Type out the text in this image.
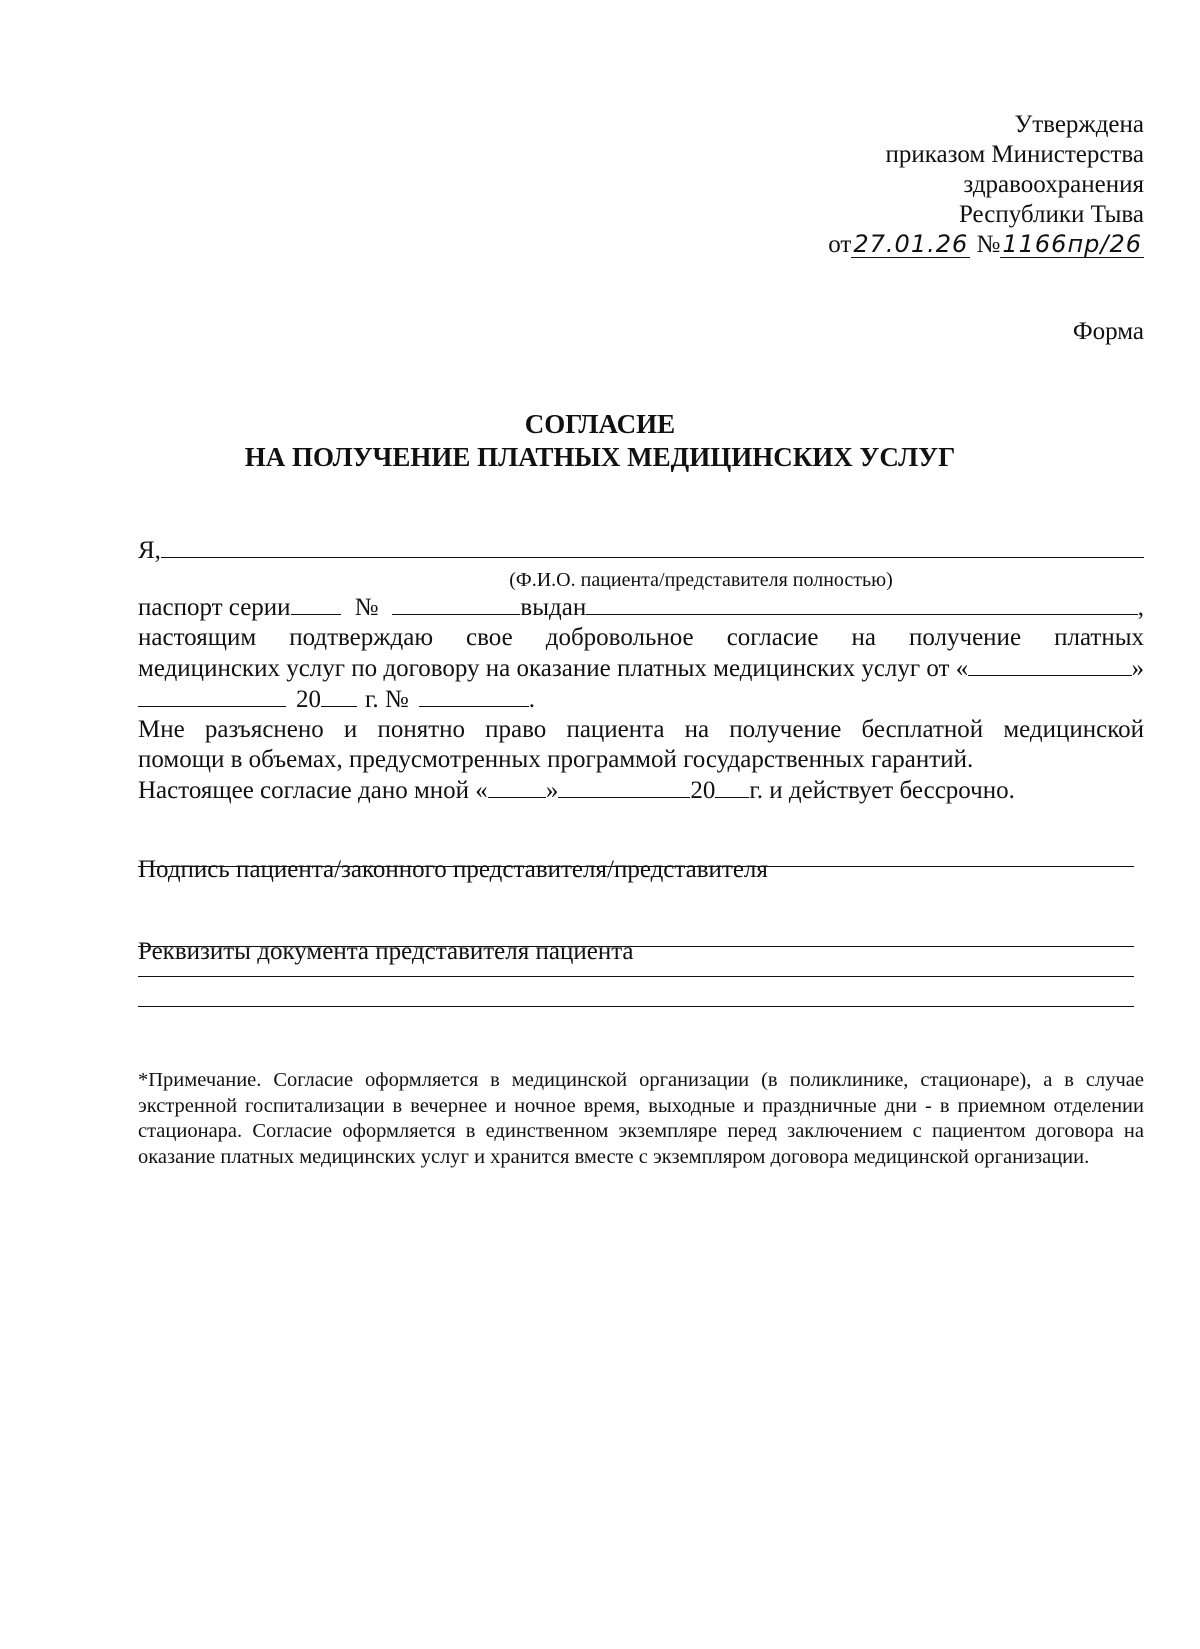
Утверждена
приказом Министерства
здравоохранения
Республики Тыва
от27.01.26 №1166пр/26
Форма
СОГЛАСИЕ
НА ПОЛУЧЕНИЕ ПЛАТНЫХ МЕДИЦИНСКИХ УСЛУГ
Я,
(Ф.И.О. пациента/представителя полностью)
паспорт серии	№	выдан	,
настоящим подтверждаю свое добровольное согласие на получение платных
медицинских услуг по договору на оказание платных медицинских услуг от «	»
20 г. №	.
Мне разъяснено и понятно право пациента на получение бесплатной медицинской
помощи в объемах, предусмотренных программой государственных гарантий.
Настоящее согласие дано мной « »	20 г. и действует бессрочно.
Подпись пациента/законного представителя/представителя
Реквизиты документа представителя пациента
*Примечание. Согласие оформляется в медицинской организации (в поликлинике, стационаре), а в случае экстренной госпитализации в вечернее и ночное время, выходные и праздничные дни - в приемном отделении стационара. Согласие оформляется в единственном экземпляре перед заключением с пациентом договора на оказание платных медицинских услуг и хранится вместе с экземпляром договора медицинской организации.
